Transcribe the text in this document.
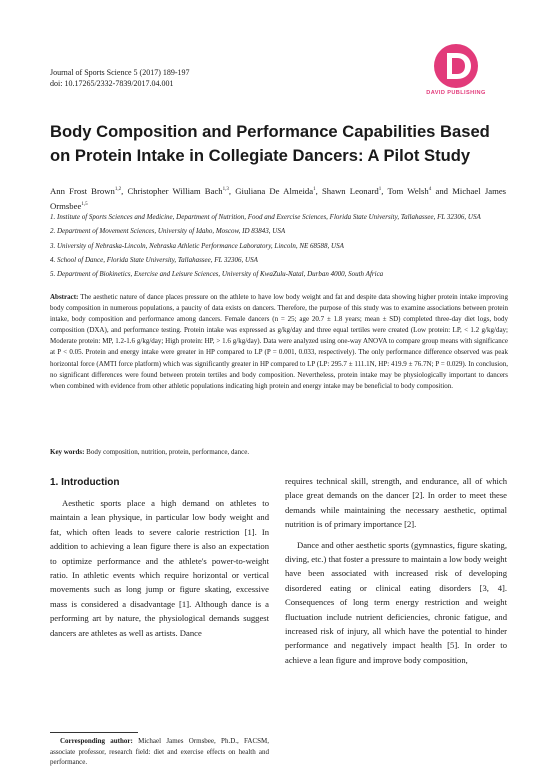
Journal of Sports Science 5 (2017) 189-197
doi: 10.17265/2332-7839/2017.04.001
DAVID PUBLISHING
Body Composition and Performance Capabilities Based
on Protein Intake in Collegiate Dancers: A Pilot Study
Ann Frost Brown$^{1,2}$, Christopher William Bach$^{1,3}$, Giuliana De Almeida$^1$, Shawn Leonard$^1$, Tom Welsh$^4$ and Michael James Ormsbee$^{1,5}$
1. Institute of Sports Sciences and Medicine, Department of Nutrition, Food and Exercise Sciences, Florida State University, Tallahassee, FL 32306, USA
2. Department of Movement Sciences, University of Idaho, Moscow, ID 83843, USA
3. University of Nebraska-Lincoln, Nebraska Athletic Performance Laboratory, Lincoln, NE 68588, USA
4. School of Dance, Florida State University, Tallahassee, FL 32306, USA
5. Department of Biokinetics, Exercise and Leisure Sciences, University of KwaZulu-Natal, Durban 4000, South Africa
Abstract: The aesthetic nature of dance places pressure on the athlete to have low body weight and fat and despite data showing higher protein intake improving body composition in numerous populations, a paucity of data exists on dancers. Therefore, the purpose of this study was to examine associations between protein intake, body composition and performance among dancers. Female dancers (n = 25; age 20.7 ± 1.8 years; mean ± SD) completed three-day diet logs, body composition (DXA), and performance testing. Protein intake was expressed as g/kg/day and three equal tertiles were created (Low protein: LP, < 1.2 g/kg/day; Moderate protein: MP, 1.2-1.6 g/kg/day; High protein: HP, > 1.6 g/kg/day). Data were analyzed using one-way ANOVA to compare group means with significance at P < 0.05. Protein and energy intake were greater in HP compared to LP (P = 0.001, 0.033, respectively). The only performance difference observed was peak horizontal force (AMTI force platform) which was significantly greater in HP compared to LP (LP: 295.7 ± 111.1N, HP: 419.9 ± 76.7N; P = 0.029). In conclusion, no significant differences were found between protein tertiles and body composition. Nevertheless, protein intake may be physiologically important to dancers when combined with evidence from other athletic populations indicating high protein and energy intake may be beneficial to body composition.
Key words: Body composition, nutrition, protein, performance, dance.
1. Introduction

Aesthetic sports place a high demand on athletes to maintain a lean physique, in particular low body weight and fat, which often leads to severe calorie restriction [1]. In addition to achieving a lean figure there is also an expectation to optimize performance and the athlete's power-to-weight ratio. In athletic events which require horizontal or vertical movements such as long jump or figure skating, excessive mass is considered a disadvantage [1]. Although dance is a performing art by nature, the physiological demands suggest dancers are athletes as well as artists. Dance

requires technical skill, strength, and endurance, all of which place great demands on the dancer [2]. In order to meet these demands while maintaining the necessary aesthetic, optimal nutrition is of primary importance [2].

Dance and other aesthetic sports (gymnastics, figure skating, diving, etc.) that foster a pressure to maintain a low body weight have been associated with increased risk of developing disordered eating or clinical eating disorders [3, 4]. Consequences of long term energy restriction and weight fluctuation include nutrient deficiencies, chronic fatigue, and increased risk of injury, all which have the potential to hinder performance and negatively impact health [5]. In order to achieve a lean figure and improve body composition,

Corresponding author: Michael James Ormsbee, Ph.D., FACSM, associate professor, research field: diet and exercise effects on health and performance.
